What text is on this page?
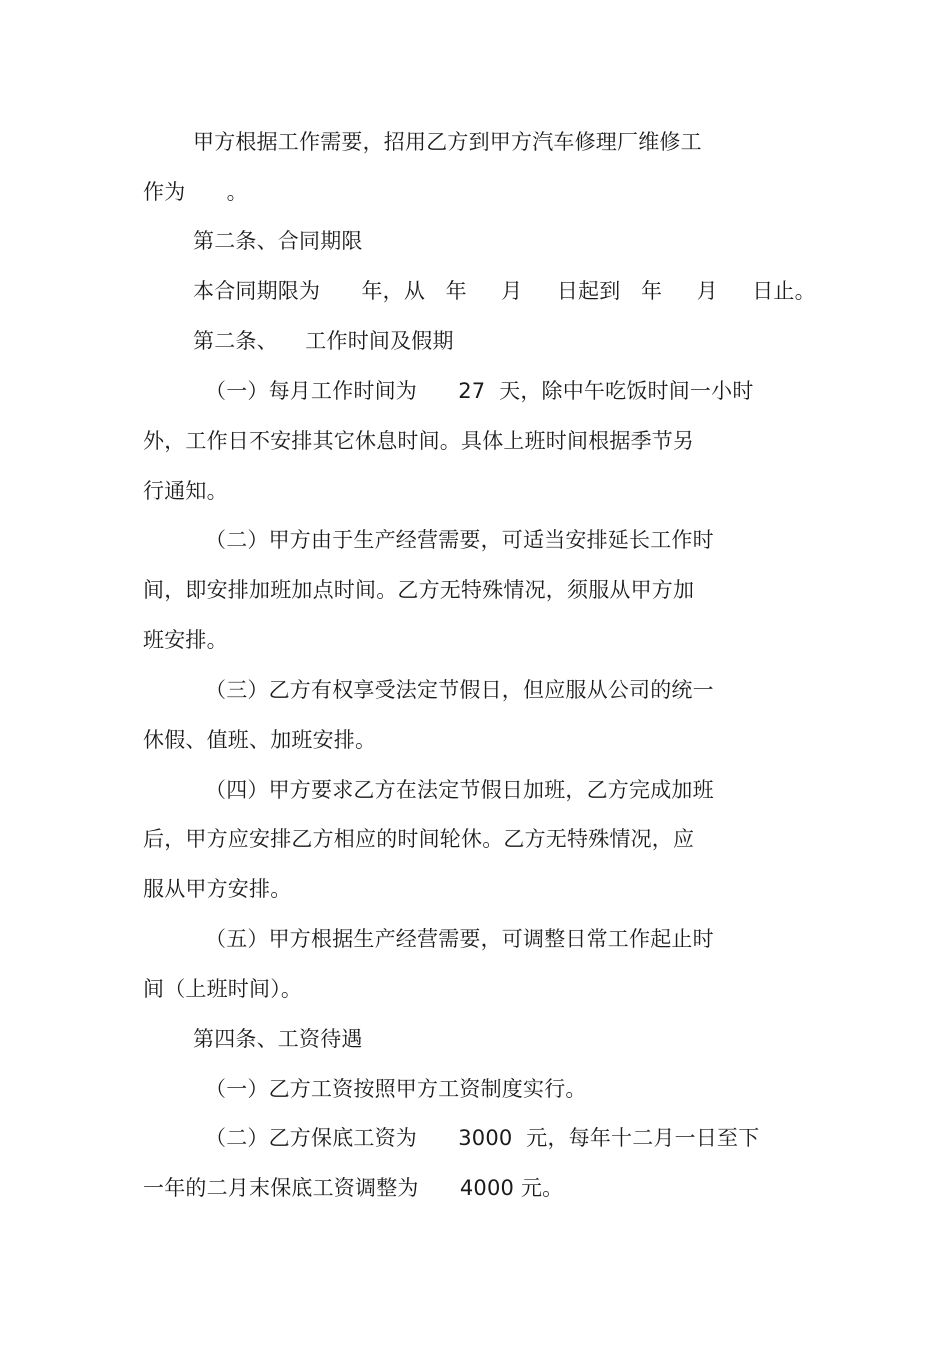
甲方根据工作需要，招用乙方到甲方汽车修理厂维修工
作为      。
第二条、合同期限
本合同期限为      年，从   年     月     日起到   年     月     日止。
第二条、    工作时间及假期
（一）每月工作时间为      27  天，除中午吃饭时间一小时
外，工作日不安排其它休息时间。具体上班时间根据季节另
行通知。
（二）甲方由于生产经营需要，可适当安排延长工作时
间，即安排加班加点时间。乙方无特殊情况，须服从甲方加
班安排。
（三）乙方有权享受法定节假日，但应服从公司的统一
休假、值班、加班安排。
（四）甲方要求乙方在法定节假日加班，乙方完成加班
后，甲方应安排乙方相应的时间轮休。乙方无特殊情况，应
服从甲方安排。
（五）甲方根据生产经营需要，可调整日常工作起止时
间（上班时间）。
第四条、工资待遇
（一）乙方工资按照甲方工资制度实行。
（二）乙方保底工资为      3000  元，每年十二月一日至下
一年的二月末保底工资调整为      4000 元。
